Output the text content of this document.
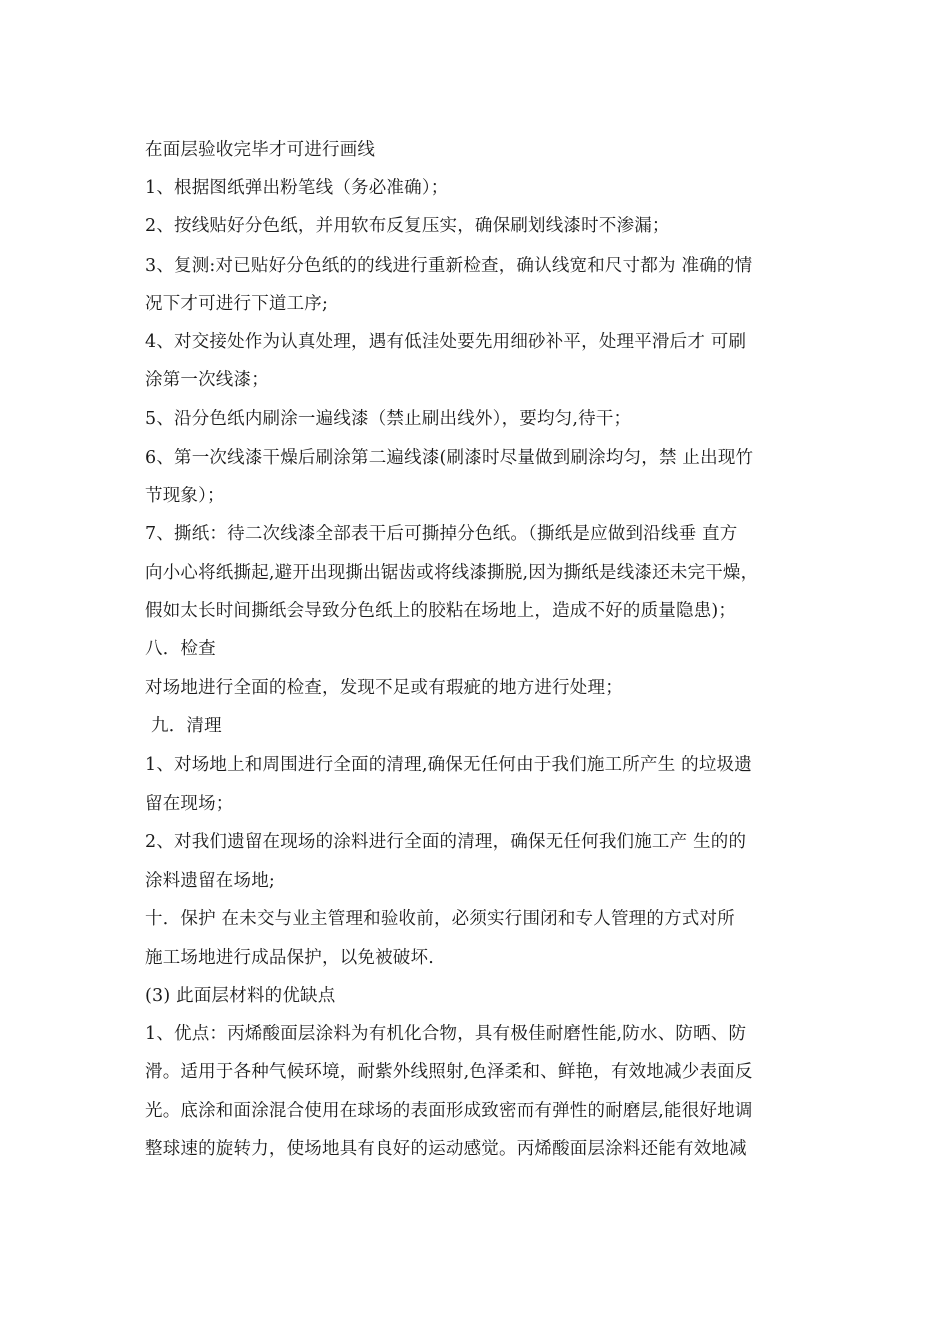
在面层验收完毕才可进行画线
1、根据图纸弹出粉笔线（务必准确）；
2、按线贴好分色纸，并用软布反复压实，确保刷划线漆时不渗漏；
3、复测:对已贴好分色纸的的线进行重新检查，确认线宽和尺寸都为 准确的情
况下才可进行下道工序;
4、对交接处作为认真处理，遇有低洼处要先用细砂补平，处理平滑后才 可刷
涂第一次线漆；
5、沿分色纸内刷涂一遍线漆（禁止刷出线外），要均匀,待干；
6、第一次线漆干燥后刷涂第二遍线漆(刷漆时尽量做到刷涂均匀，禁 止出现竹
节现象）；
7、撕纸：待二次线漆全部表干后可撕掉分色纸。（撕纸是应做到沿线垂 直方
向小心将纸撕起,避开出现撕出锯齿或将线漆撕脱,因为撕纸是线漆还未完干燥，
假如太长时间撕纸会导致分色纸上的胶粘在场地上，造成不好的质量隐患)；
八．检查
对场地进行全面的检查，发现不足或有瑕疵的地方进行处理；
九．清理
1、对场地上和周围进行全面的清理,确保无任何由于我们施工所产生 的垃圾遗
留在现场；
2、对我们遗留在现场的涂料进行全面的清理，确保无任何我们施工产 生的的
涂料遗留在场地;
十．保护 在未交与业主管理和验收前，必须实行围闭和专人管理的方式对所
施工场地进行成品保护，以免被破坏.
(3) 此面层材料的优缺点
1、优点：丙烯酸面层涂料为有机化合物，具有极佳耐磨性能,防水、防晒、防
滑。适用于各种气候环境，耐紫外线照射,色泽柔和、鲜艳，有效地减少表面反
光。底涂和面涂混合使用在球场的表面形成致密而有弹性的耐磨层,能很好地调
整球速的旋转力，使场地具有良好的运动感觉。丙烯酸面层涂料还能有效地减
